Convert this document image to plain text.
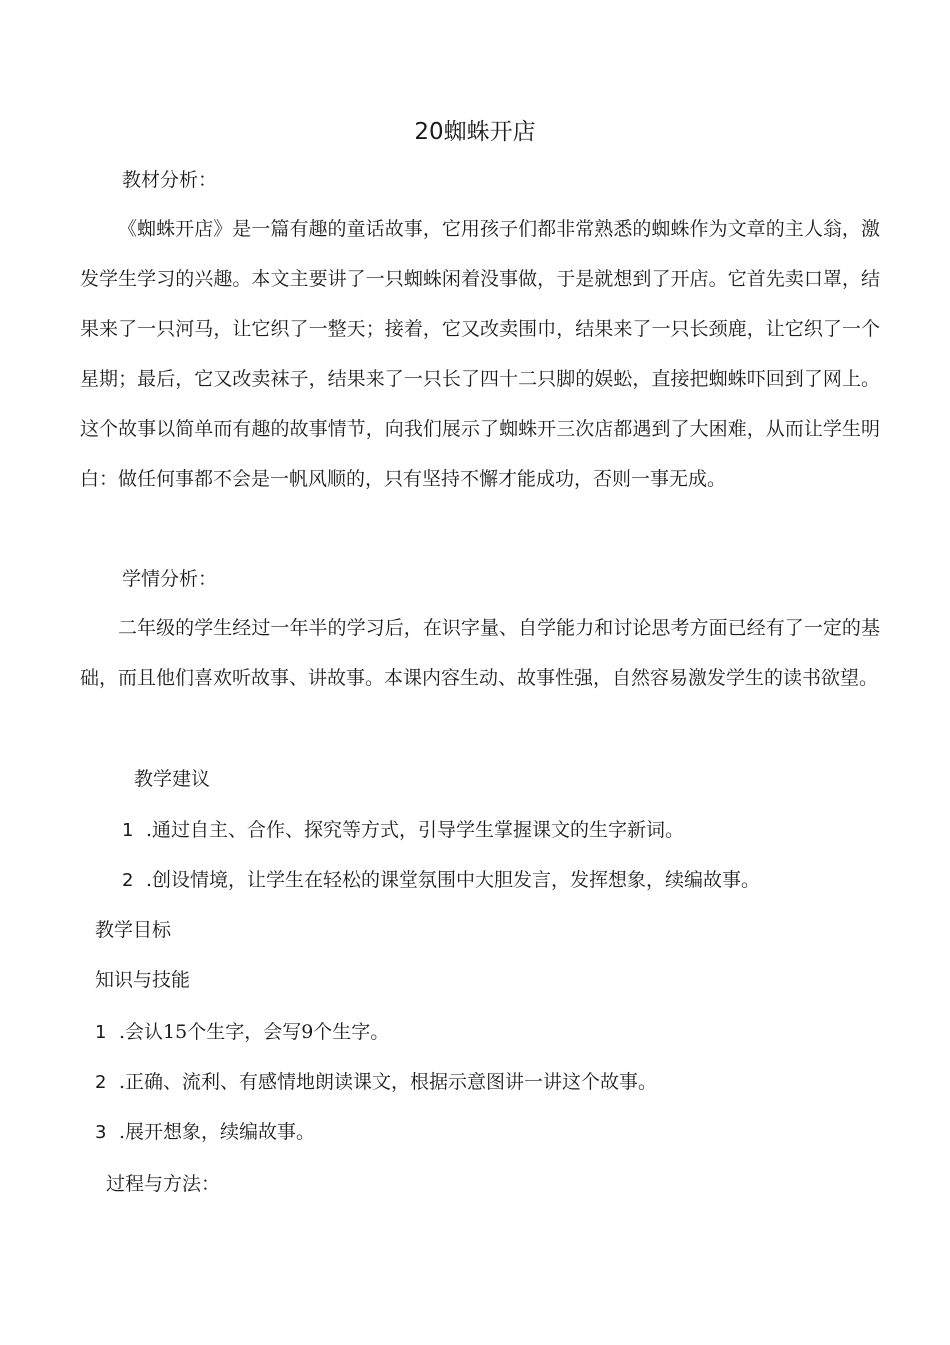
20蜘蛛开店
教材分析：
《蜘蛛开店》是一篇有趣的童话故事，它用孩子们都非常熟悉的蜘蛛作为文章的主人翁，激发学生学习的兴趣。本文主要讲了一只蜘蛛闲着没事做，于是就想到了开店。它首先卖口罩，结果来了一只河马，让它织了一整天；接着，它又改卖围巾，结果来了一只长颈鹿，让它织了一个星期；最后，它又改卖袜子，结果来了一只长了四十二只脚的娱蚣，直接把蜘蛛吓回到了网上。这个故事以简单而有趣的故事情节，向我们展示了蜘蛛开三次店都遇到了大困难，从而让学生明白：做任何事都不会是一帆风顺的，只有坚持不懈才能成功，否则一事无成。
学情分析：
二年级的学生经过一年半的学习后，在识字量、自学能力和讨论思考方面已经有了一定的基础，而且他们喜欢听故事、讲故事。本课内容生动、故事性强，自然容易激发学生的读书欲望。
教学建议
1 .通过自主、合作、探究等方式，引导学生掌握课文的生字新词。
2 .创设情境，让学生在轻松的课堂氛围中大胆发言，发挥想象，续编故事。
教学目标
知识与技能
1 .会认15个生字，会写9个生字。
2 .正确、流利、有感情地朗读课文，根据示意图讲一讲这个故事。
3 .展开想象，续编故事。
过程与方法：
